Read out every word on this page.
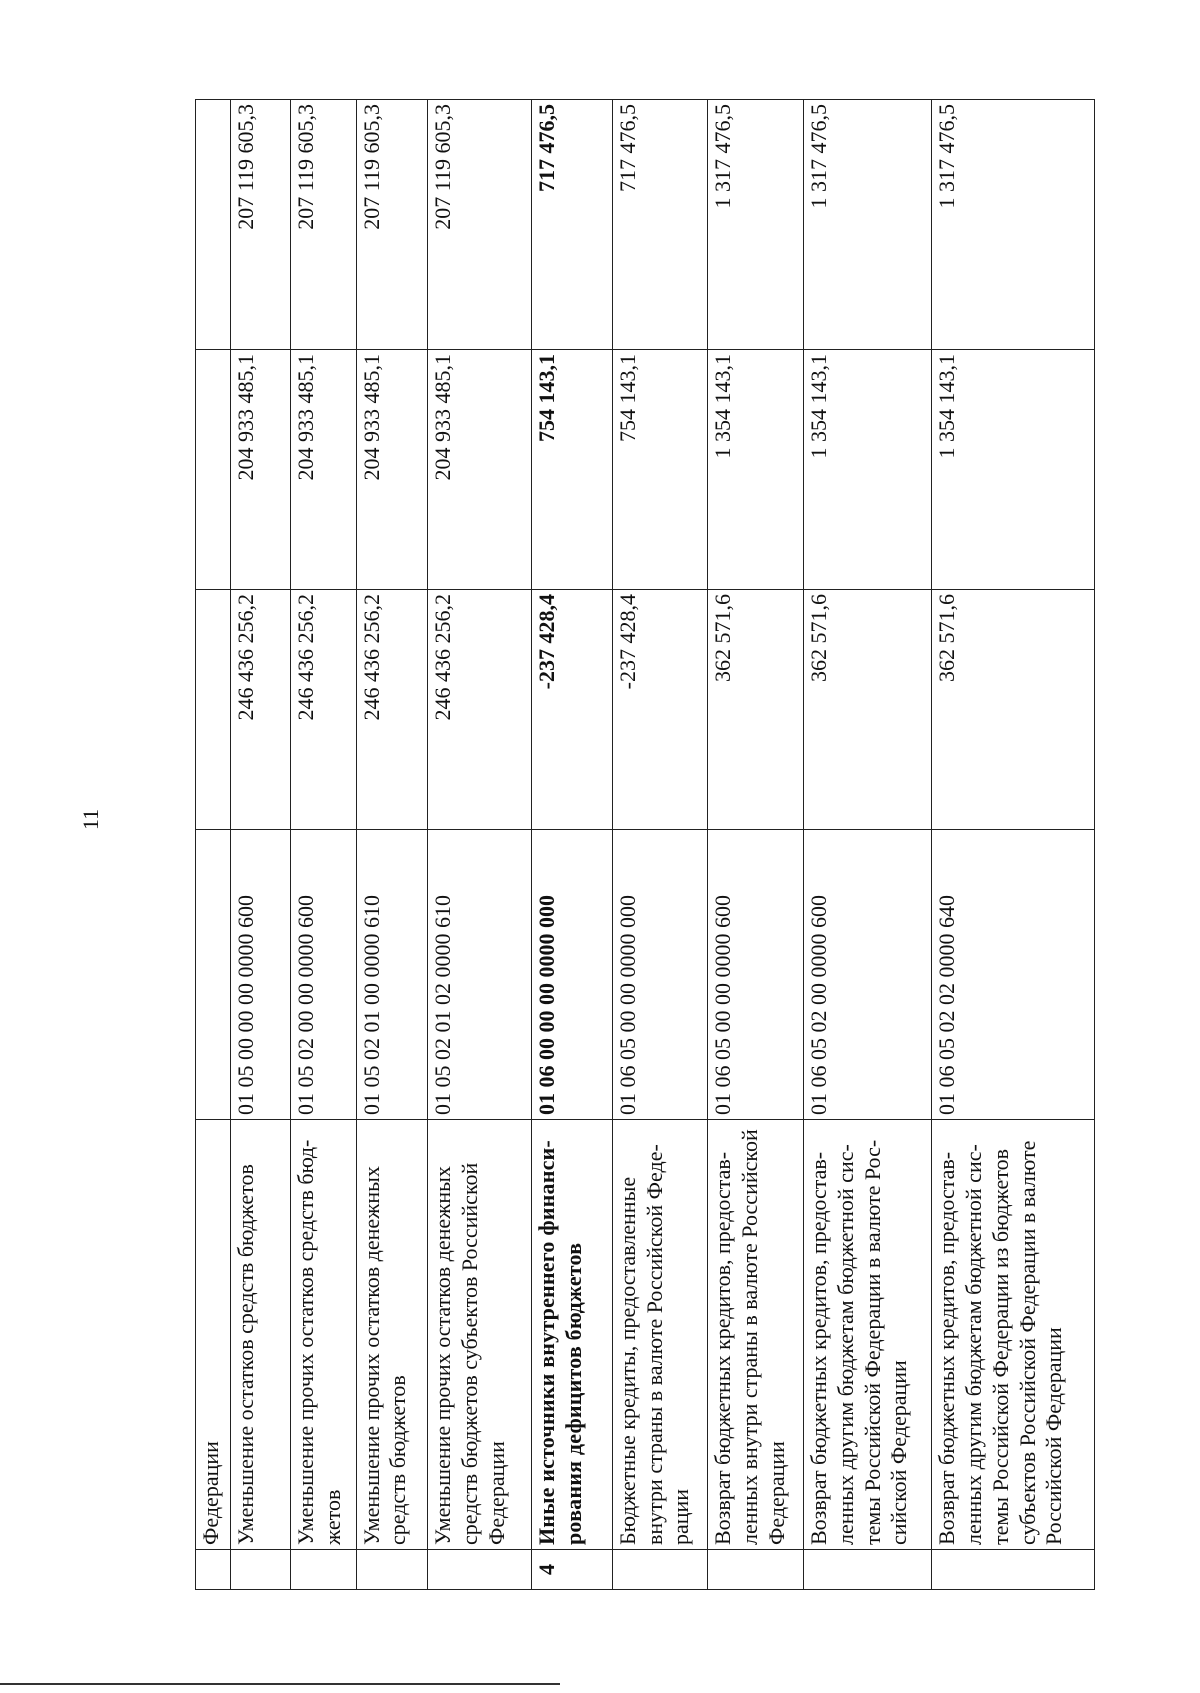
11
	Федерации				
	Уменьшение остатков средств бюджетов	01 05 00 00 00 0000 600	246 436 256,2	204 933 485,1	207 119 605,3
	Уменьшение прочих остатков средств бюд-жетов	01 05 02 00 00 0000 600	246 436 256,2	204 933 485,1	207 119 605,3
	Уменьшение прочих остатков денежных средств бюджетов	01 05 02 01 00 0000 610	246 436 256,2	204 933 485,1	207 119 605,3
	Уменьшение прочих остатков денежных средств бюджетов субъектов Российской Федерации	01 05 02 01 02 0000 610	246 436 256,2	204 933 485,1	207 119 605,3
4	Иные источники внутреннего финанси-рования дефицитов бюджетов	01 06 00 00 00 0000 000	-237 428,4	754 143,1	717 476,5
	Бюджетные кредиты, предоставленные внутри страны в валюте Российской Феде-рации	01 06 05 00 00 0000 000	-237 428,4	754 143,1	717 476,5
	Возврат бюджетных кредитов, предостав-ленных внутри страны в валюте Российской Федерации	01 06 05 00 00 0000 600	362 571,6	1 354 143,1	1 317 476,5
	Возврат бюджетных кредитов, предостав-ленных другим бюджетам бюджетной сис-темы Российской Федерации в валюте Рос-сийской Федерации	01 06 05 02 00 0000 600	362 571,6	1 354 143,1	1 317 476,5
	Возврат бюджетных кредитов, предостав-ленных другим бюджетам бюджетной сис-темы Российской Федерации из бюджетов субъектов Российской Федерации в валюте Российской Федерации	01 06 05 02 02 0000 640	362 571,6	1 354 143,1	1 317 476,5
